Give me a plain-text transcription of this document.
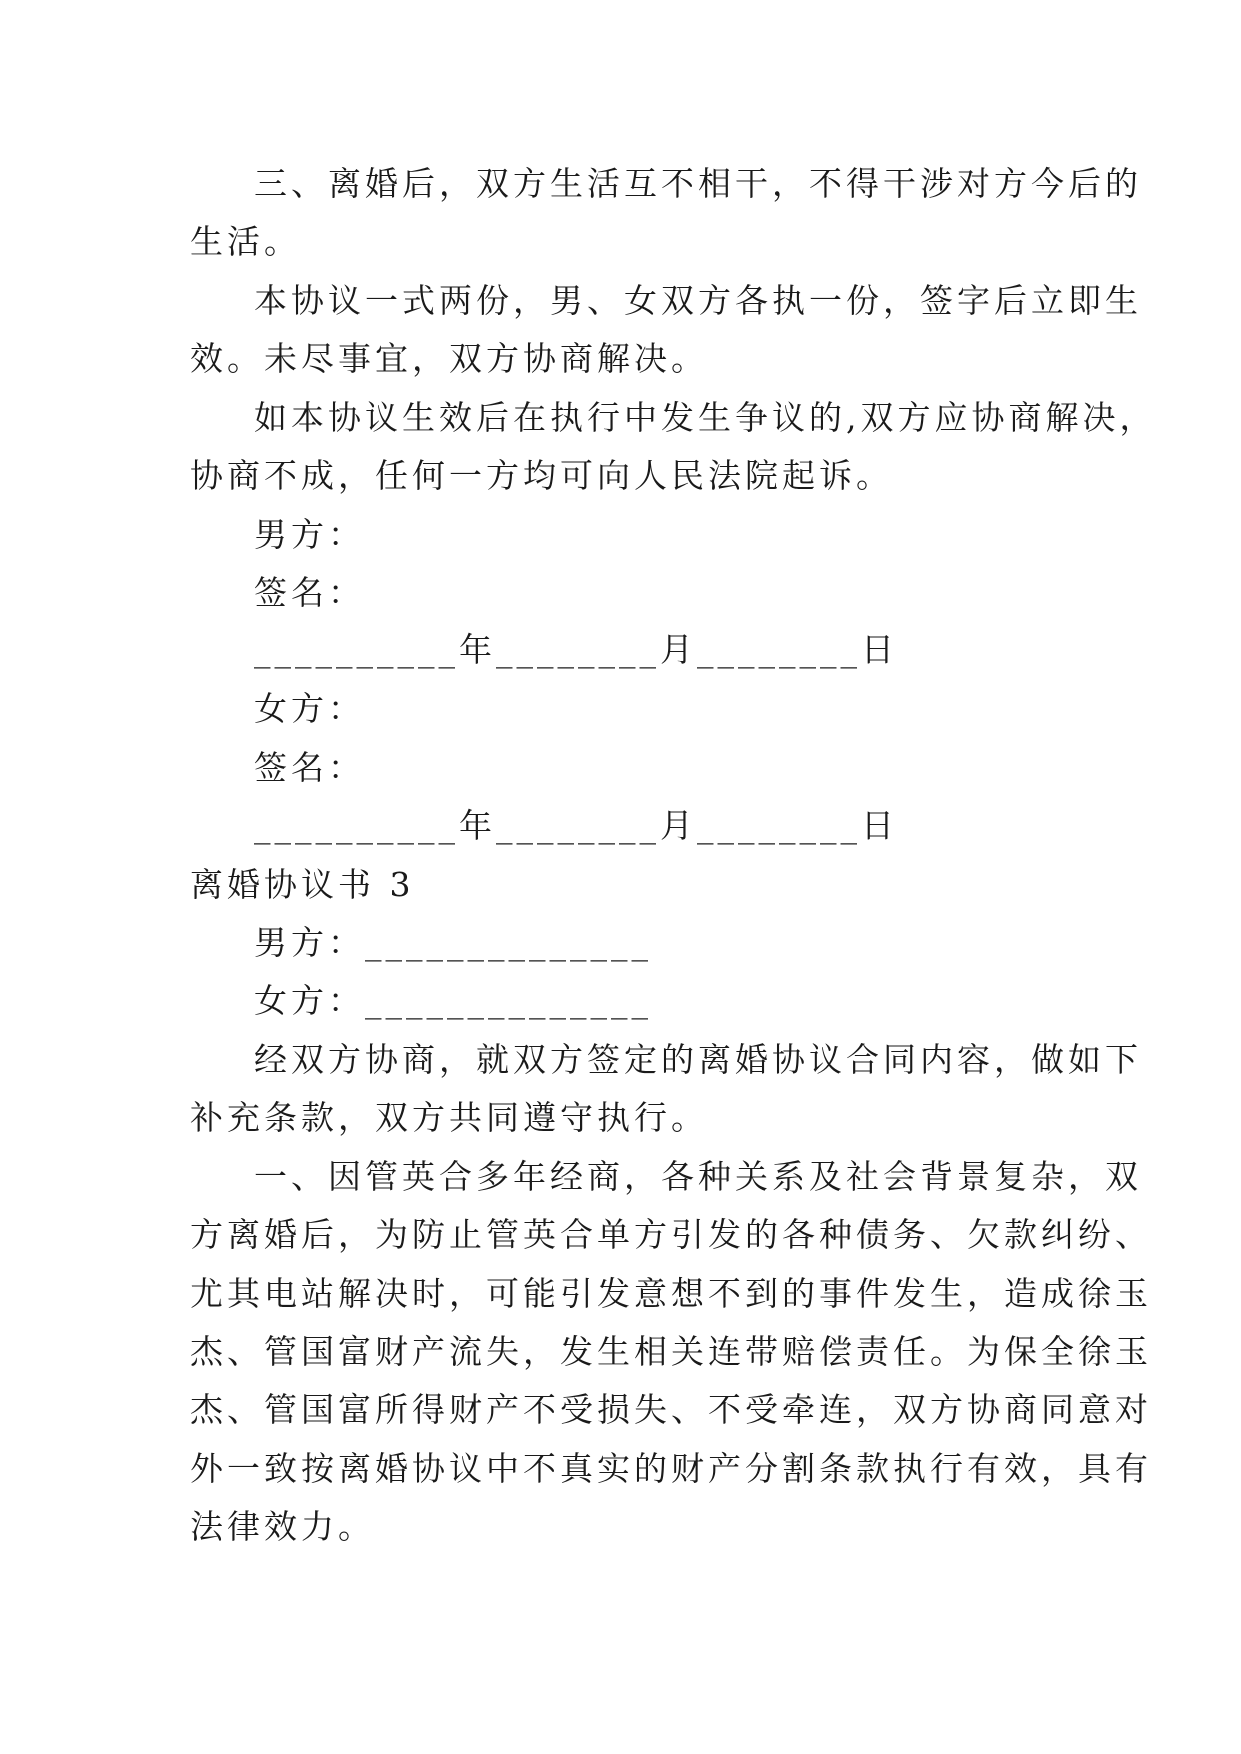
三、离婚后，双方生活互不相干，不得干涉对方今后的
生活。
本协议一式两份，男、女双方各执一份，签字后立即生
效。未尽事宜，双方协商解决。
如本协议生效后在执行中发生争议的,双方应协商解决，
协商不成，任何一方均可向人民法院起诉。
男方：
签名：
__________年________月________日
女方：
签名：
__________年________月________日
离婚协议书 3
男方：______________
女方：______________
经双方协商，就双方签定的离婚协议合同内容，做如下
补充条款，双方共同遵守执行。
一、因管英合多年经商，各种关系及社会背景复杂，双
方离婚后，为防止管英合单方引发的各种债务、欠款纠纷、
尤其电站解决时，可能引发意想不到的事件发生，造成徐玉
杰、管国富财产流失，发生相关连带赔偿责任。为保全徐玉
杰、管国富所得财产不受损失、不受牵连，双方协商同意对
外一致按离婚协议中不真实的财产分割条款执行有效，具有
法律效力。
